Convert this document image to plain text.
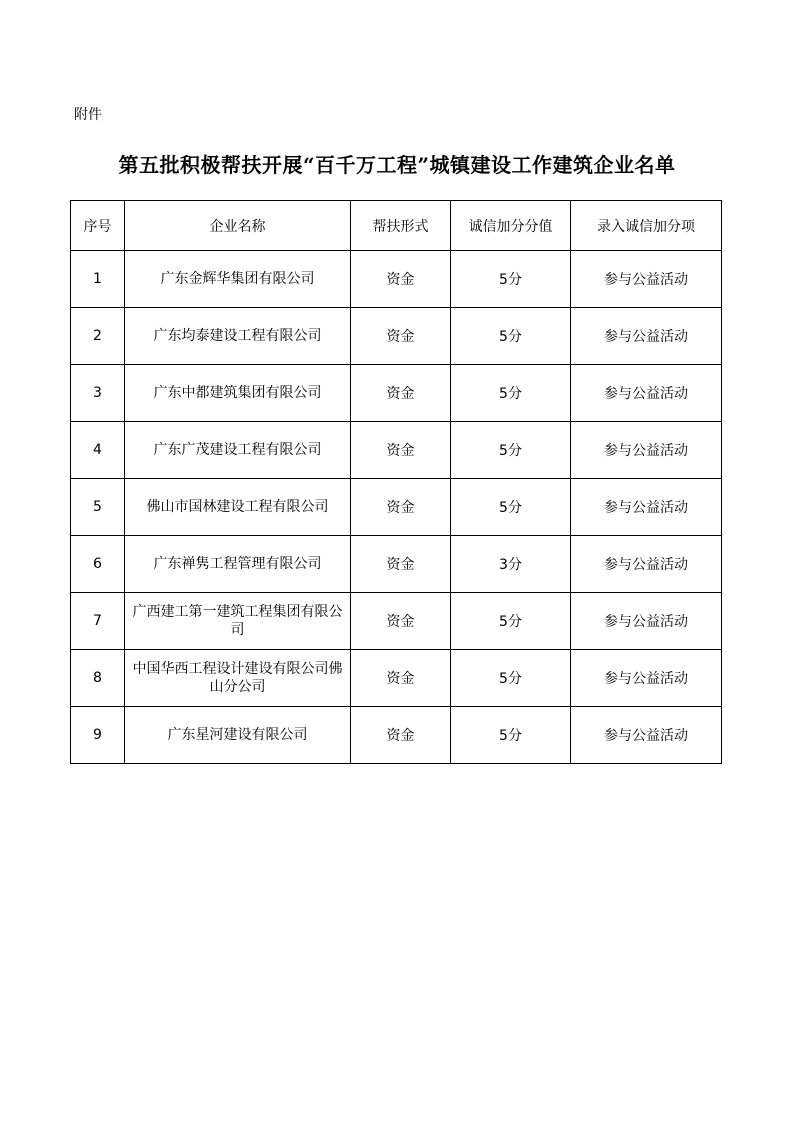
附件
第五批积极帮扶开展“百千万工程”城镇建设工作建筑企业名单
序号	企业名称	帮扶形式	诚信加分分值	录入诚信加分项
1	广东金辉华集团有限公司	资金	5分	参与公益活动
2	广东均泰建设工程有限公司	资金	5分	参与公益活动
3	广东中都建筑集团有限公司	资金	5分	参与公益活动
4	广东广茂建设工程有限公司	资金	5分	参与公益活动
5	佛山市国林建设工程有限公司	资金	5分	参与公益活动
6	广东禅隽工程管理有限公司	资金	3分	参与公益活动
7	广西建工第一建筑工程集团有限公司	资金	5分	参与公益活动
8	中国华西工程设计建设有限公司佛山分公司	资金	5分	参与公益活动
9	广东星河建设有限公司	资金	5分	参与公益活动
